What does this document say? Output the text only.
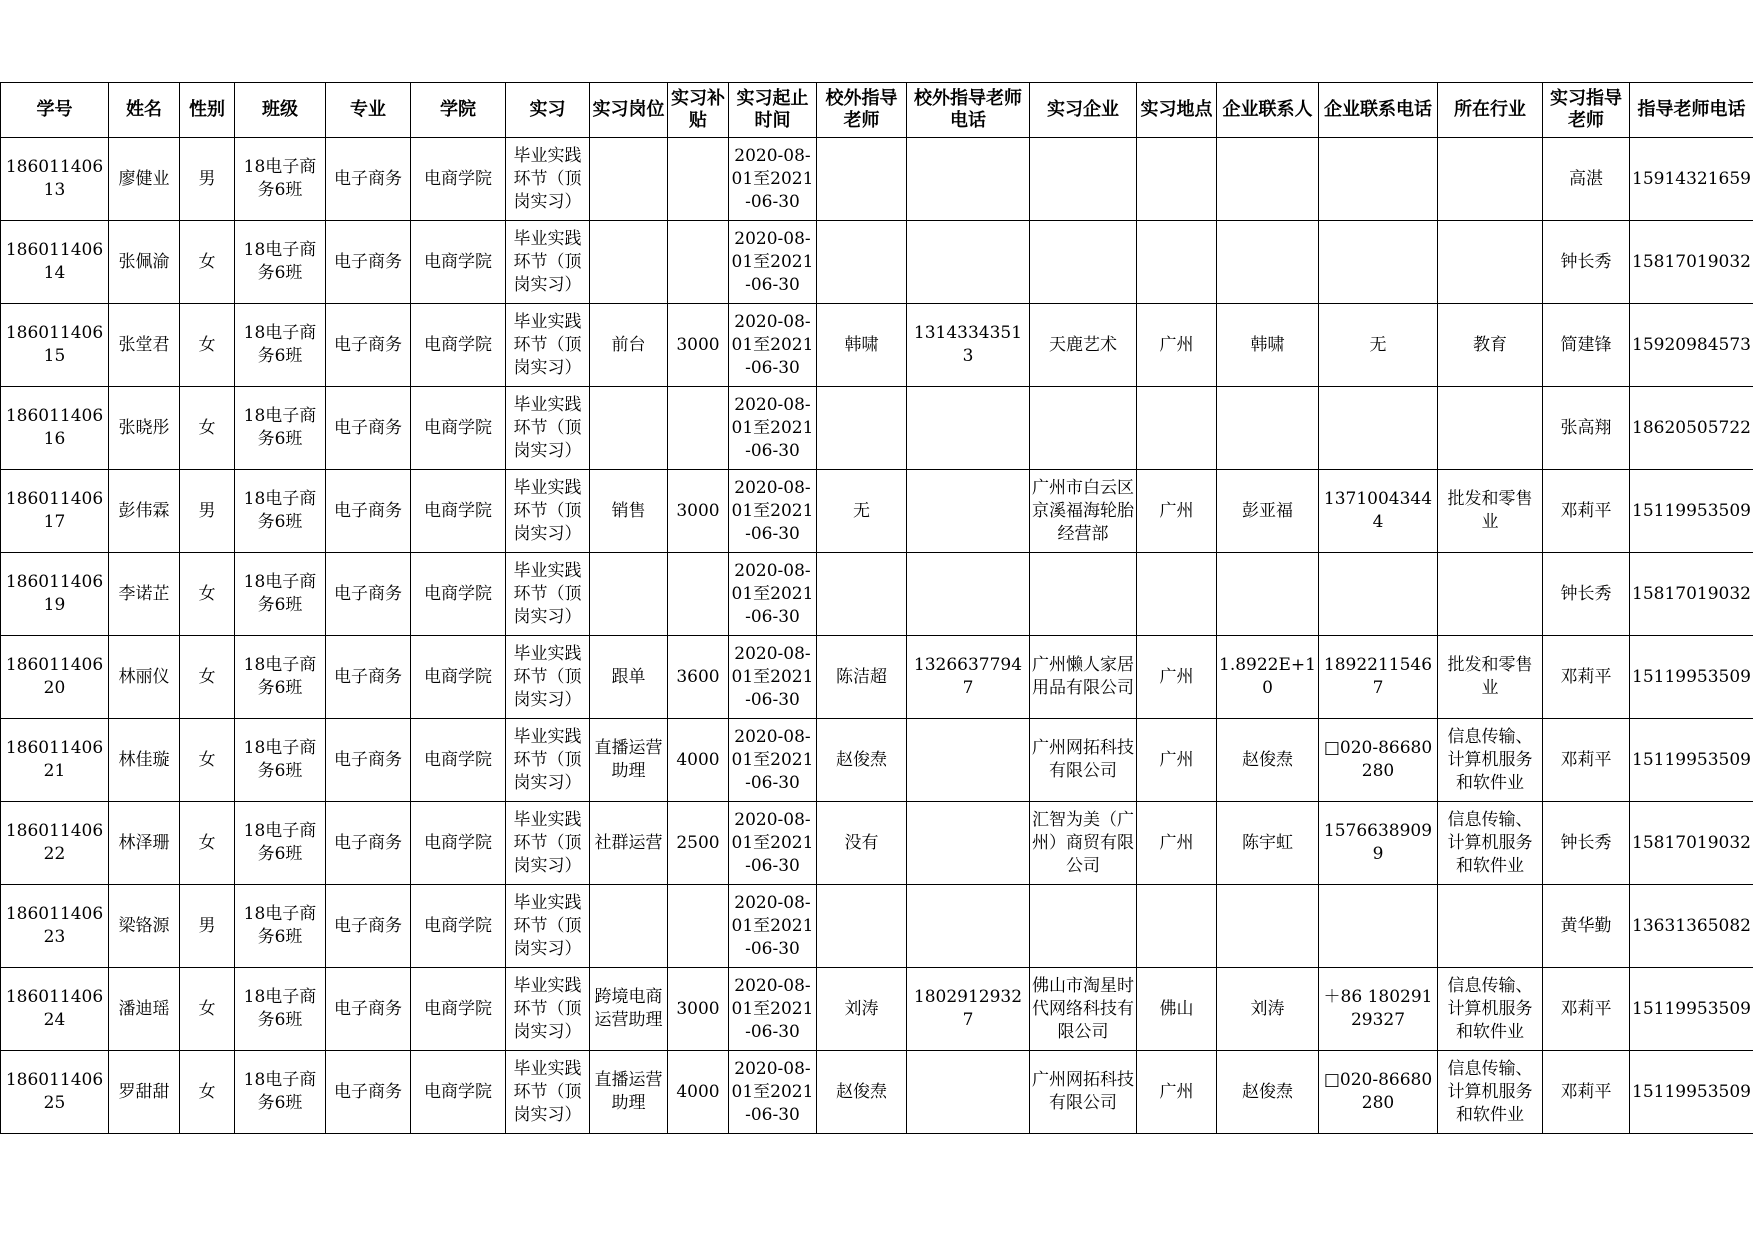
学号	姓名	性别	班级	专业	学院	实习	实习岗位	实习补贴	实习起止时间	校外指导老师	校外指导老师电话	实习企业	实习地点	企业联系人	企业联系电话	所在行业	实习指导老师	指导老师电话

18601140613	廖健业	男	18电子商务6班	电子商务	电商学院	毕业实践环节（顶岗实习）			2020-08-01至2021-06-30								高湛	15914321659

18601140614	张佩渝	女	18电子商务6班	电子商务	电商学院	毕业实践环节（顶岗实习）			2020-08-01至2021-06-30								钟长秀	15817019032

18601140615	张堂君	女	18电子商务6班	电子商务	电商学院	毕业实践环节（顶岗实习）	前台	3000	2020-08-01至2021-06-30	韩啸	13143343513	天鹿艺术	广州	韩啸	无	教育	简建锋	15920984573

18601140616	张晓彤	女	18电子商务6班	电子商务	电商学院	毕业实践环节（顶岗实习）			2020-08-01至2021-06-30								张高翔	18620505722

18601140617	彭伟霖	男	18电子商务6班	电子商务	电商学院	毕业实践环节（顶岗实习）	销售	3000	2020-08-01至2021-06-30	无		广州市白云区京溪福海轮胎经营部	广州	彭亚福	13710043444	批发和零售业	邓莉平	15119953509

18601140619	李诺芷	女	18电子商务6班	电子商务	电商学院	毕业实践环节（顶岗实习）			2020-08-01至2021-06-30								钟长秀	15817019032

18601140620	林丽仪	女	18电子商务6班	电子商务	电商学院	毕业实践环节（顶岗实习）	跟单	3600	2020-08-01至2021-06-30	陈洁超	13266377947	广州懒人家居用品有限公司	广州	1.8922E+10	18922115467	批发和零售业	邓莉平	15119953509

18601140621	林佳璇	女	18电子商务6班	电子商务	电商学院	毕业实践环节（顶岗实习）	直播运营助理	4000	2020-08-01至2021-06-30	赵俊焘		广州网拓科技有限公司	广州	赵俊焘	□020-86680280	信息传输、计算机服务和软件业	邓莉平	15119953509

18601140622	林泽珊	女	18电子商务6班	电子商务	电商学院	毕业实践环节（顶岗实习）	社群运营	2500	2020-08-01至2021-06-30	没有		汇智为美（广州）商贸有限公司	广州	陈宇虹	15766389099	信息传输、计算机服务和软件业	钟长秀	15817019032

18601140623	梁铬源	男	18电子商务6班	电子商务	电商学院	毕业实践环节（顶岗实习）			2020-08-01至2021-06-30								黄华勤	13631365082

18601140624	潘迪瑶	女	18电子商务6班	电子商务	电商学院	毕业实践环节（顶岗实习）	跨境电商运营助理	3000	2020-08-01至2021-06-30	刘涛	18029129327	佛山市淘星时代网络科技有限公司	佛山	刘涛	＋86 18029129327	信息传输、计算机服务和软件业	邓莉平	15119953509

18601140625	罗甜甜	女	18电子商务6班	电子商务	电商学院	毕业实践环节（顶岗实习）	直播运营助理	4000	2020-08-01至2021-06-30	赵俊焘		广州网拓科技有限公司	广州	赵俊焘	□020-86680280	信息传输、计算机服务和软件业	邓莉平	15119953509
